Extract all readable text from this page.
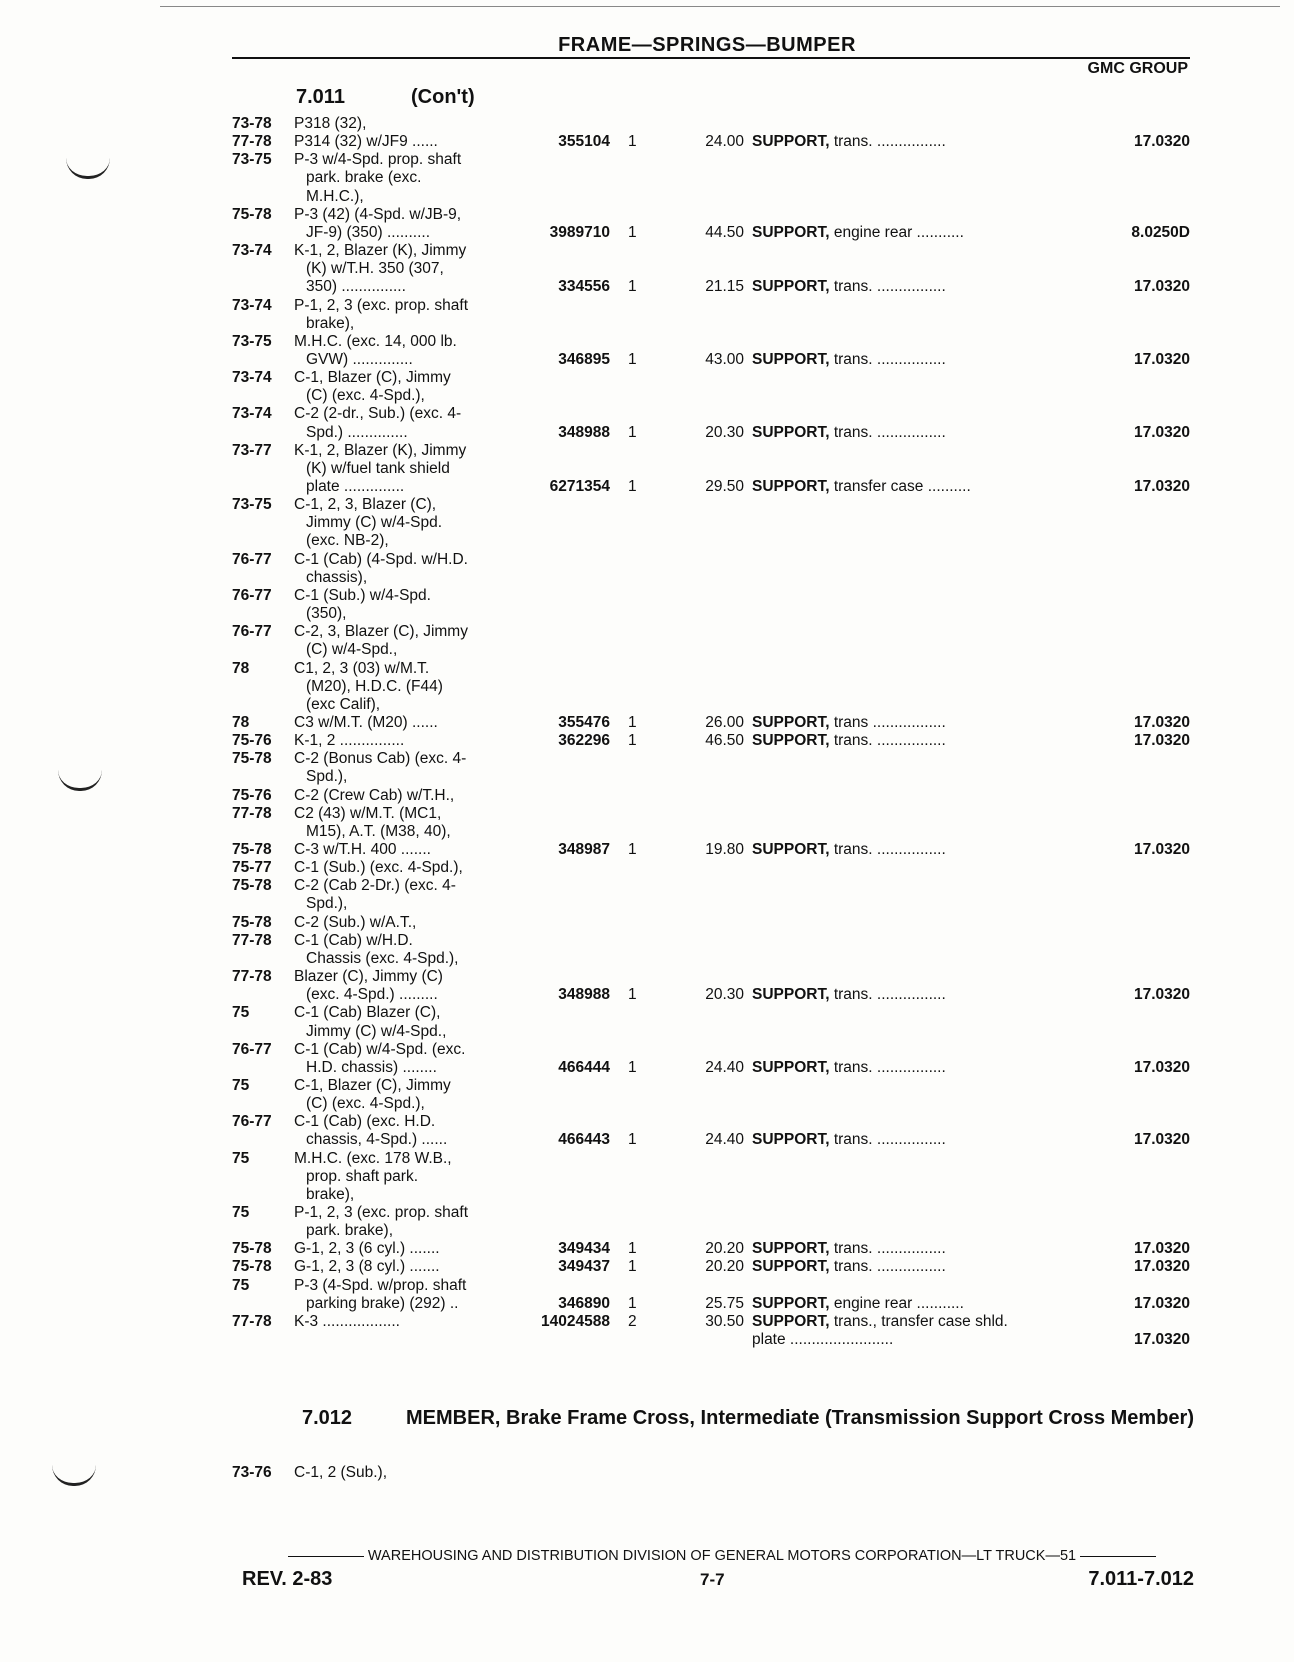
FRAME—SPRINGS—BUMPER
GMC GROUP
7.011	(Con't)
73-78	P318 (32),
77-78	P314 (32) w/JF9 ......	355104 1	24.00 SUPPORT, trans. ................	17.0320
73-75	P-3 w/4-Spd. prop. shaft
park. brake (exc.
M.H.C.),
75-78	P-3 (42) (4-Spd. w/JB-9,
JF-9) (350) ..........	3989710 1	44.50 SUPPORT, engine rear ...........	8.0250D
73-74	K-1, 2, Blazer (K), Jimmy
(K) w/T.H. 350 (307,
350) ...............	334556 1	21.15 SUPPORT, trans. ................	17.0320
73-74	P-1, 2, 3 (exc. prop. shaft
brake),
73-75	M.H.C. (exc. 14, 000 lb.
GVW) ..............	346895 1	43.00 SUPPORT, trans. ................	17.0320
73-74	C-1, Blazer (C), Jimmy
(C) (exc. 4-Spd.),
73-74	C-2 (2-dr., Sub.) (exc. 4-
Spd.) ..............	348988 1	20.30 SUPPORT, trans. ................	17.0320
73-77	K-1, 2, Blazer (K), Jimmy
(K) w/fuel tank shield
plate ..............	6271354 1	29.50 SUPPORT, transfer case ..........	17.0320
73-75	C-1, 2, 3, Blazer (C),
Jimmy (C) w/4-Spd.
(exc. NB-2),
76-77	C-1 (Cab) (4-Spd. w/H.D.
chassis),
76-77	C-1 (Sub.) w/4-Spd.
(350),
76-77	C-2, 3, Blazer (C), Jimmy
(C) w/4-Spd.,
78	C1, 2, 3 (03) w/M.T.
(M20), H.D.C. (F44)
(exc Calif),
78	C3 w/M.T. (M20) ......	355476 1	26.00 SUPPORT, trans .................	17.0320
75-76	K-1, 2 ...............	362296 1	46.50 SUPPORT, trans. ................	17.0320
75-78	C-2 (Bonus Cab) (exc. 4-
Spd.),
75-76	C-2 (Crew Cab) w/T.H.,
77-78	C2 (43) w/M.T. (MC1,
M15), A.T. (M38, 40),
75-78	C-3 w/T.H. 400 .......	348987 1	19.80 SUPPORT, trans. ................	17.0320
75-77	C-1 (Sub.) (exc. 4-Spd.),
75-78	C-2 (Cab 2-Dr.) (exc. 4-
Spd.),
75-78	C-2 (Sub.) w/A.T.,
77-78	C-1 (Cab) w/H.D.
Chassis (exc. 4-Spd.),
77-78	Blazer (C), Jimmy (C)
(exc. 4-Spd.) .........	348988 1	20.30 SUPPORT, trans. ................	17.0320
75	C-1 (Cab) Blazer (C),
Jimmy (C) w/4-Spd.,
76-77	C-1 (Cab) w/4-Spd. (exc.
H.D. chassis) ........	466444 1	24.40 SUPPORT, trans. ................	17.0320
75	C-1, Blazer (C), Jimmy
(C) (exc. 4-Spd.),
76-77	C-1 (Cab) (exc. H.D.
chassis, 4-Spd.) ......	466443 1	24.40 SUPPORT, trans. ................	17.0320
75	M.H.C. (exc. 178 W.B.,
prop. shaft park.
brake),
75	P-1, 2, 3 (exc. prop. shaft
park. brake),
75-78	G-1, 2, 3 (6 cyl.) .......	349434 1	20.20 SUPPORT, trans. ................	17.0320
75-78	G-1, 2, 3 (8 cyl.) .......	349437 1	20.20 SUPPORT, trans. ................	17.0320
75	P-3 (4-Spd. w/prop. shaft
parking brake) (292) ..	346890 1	25.75 SUPPORT, engine rear ...........	17.0320
77-78	K-3 ..................	14024588 2	30.50 SUPPORT, trans., transfer case shld.
plate ........................	17.0320
7.012	MEMBER, Brake Frame Cross, Intermediate (Transmission Support Cross Member)
73-76	C-1, 2 (Sub.),
WAREHOUSING AND DISTRIBUTION DIVISION OF GENERAL MOTORS CORPORATION—LT TRUCK—51
REV. 2-83	7-7	7.011-7.012
